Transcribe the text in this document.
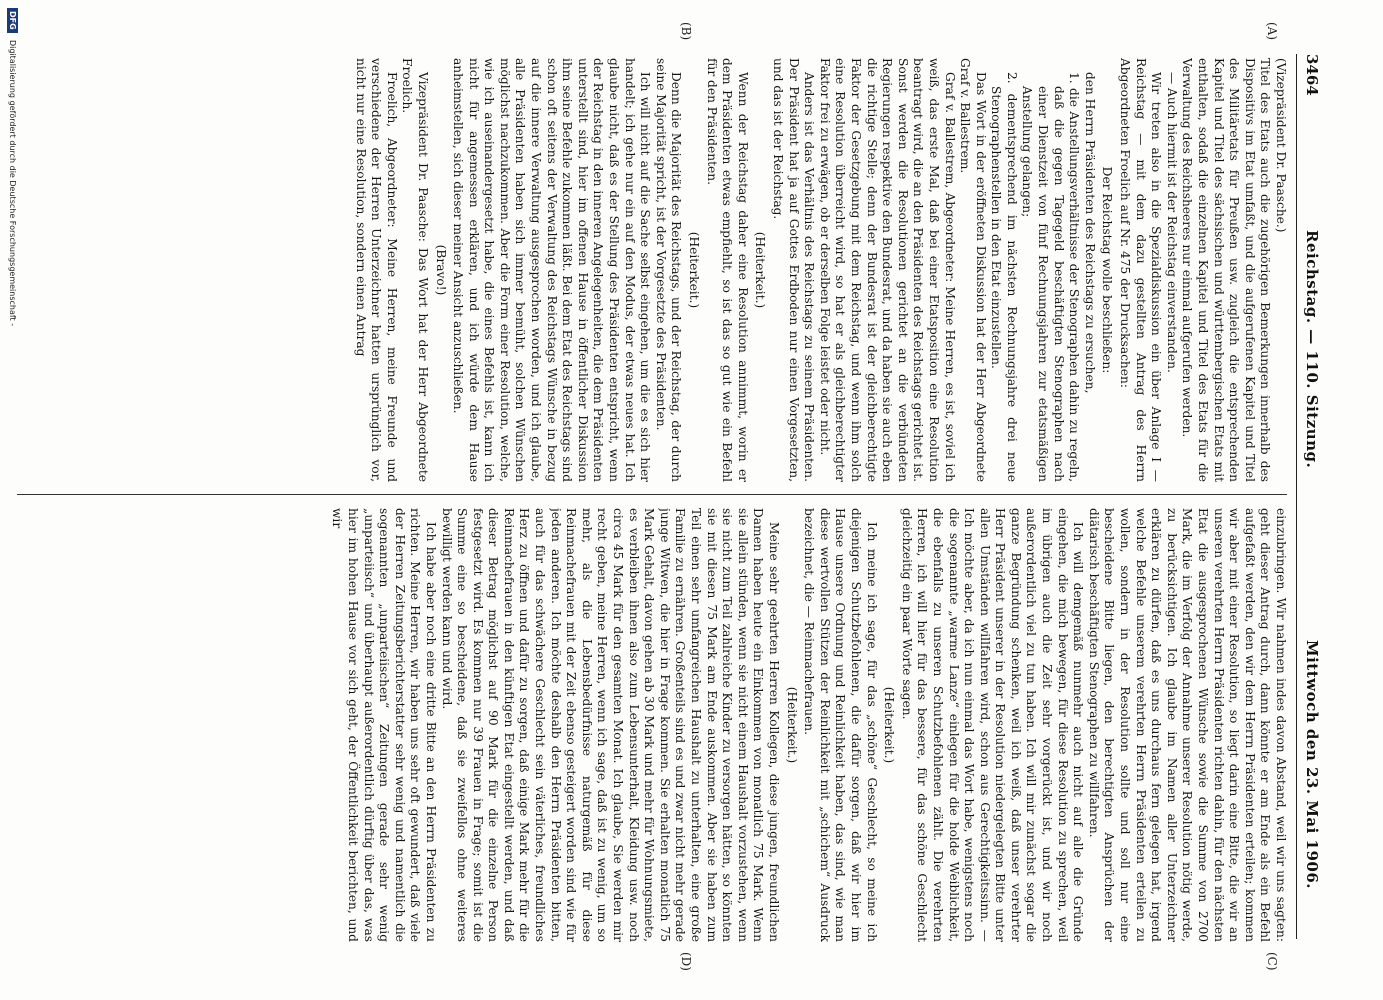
3464
Reichstag. — 110. Sitzung.
Mittwoch den 23. Mai 1906.
(A)
(B)
(C)
(D)

(Vizepräsident Dr. Paasche.)

Titel des Etats auch die zugehörigen Bemerkungen innerhalb des Dispositivs im Etat umfaßt, und die aufgerufenen Kapitel und Titel des Militäretats für Preußen usw. zugleich die entsprechenden Kapitel und Titel des sächsischen und württembergischen Etats mit enthalten, sodaß die einzelnen Kapitel und Titel des Etats für die Verwaltung des Reichsheeres nur einmal aufgerufen werden.

— Auch hiermit ist der Reichstag einverstanden.

Wir treten also in die Spezialdiskussion ein über Anlage I — Reichstag — mit dem dazu gestellten Antrag des Herrn Abgeordneten Froelich auf Nr. 475 der Drucksachen:

Der Reichstag wolle beschließen:

den Herrn Präsidenten des Reichstags zu ersuchen,

1. die Anstellungsverhältnisse der Stenographen dahin zu regeln, daß die gegen Tagegeld beschäftigten Stenographen nach einer Dienstzeit von fünf Rechnungsjahren zur etatsmäßigen Anstellung gelangen;

2. dementsprechend im nächsten Rechnungsjahre drei neue Stenographenstellen in den Etat einzustellen.

Das Wort in der eröffneten Diskussion hat der Herr Abgeordnete Graf v. Ballestrem.

Graf v. Ballestrem, Abgeordneter: Meine Herren, es ist, soviel ich weiß, das erste Mal, daß bei einer Etatsposition eine Resolution beantragt wird, die an den Präsidenten des Reichstags gerichtet ist. Sonst werden die Resolutionen gerichtet an die verbündeten Regierungen respektive den Bundesrat, und da haben sie auch eben die richtige Stelle; denn der Bundesrat ist der gleichberechtigte Faktor der Gesetzgebung mit dem Reichstag, und wenn ihm solch eine Resolution überreicht wird, so hat er als gleichberechtigter Faktor frei zu erwägen, ob er derselben Folge leistet oder nicht.

Anders ist das Verhältnis des Reichstags zu seinem Präsidenten. Der Präsident hat ja auf Gottes Erdboden nur einen Vorgesetzten, und das ist der Reichstag.

(Heiterkeit.)

Wenn der Reichstag daher eine Resolution annimmt, worin er dem Präsidenten etwas empfiehlt, so ist das so gut wie ein Befehl für den Präsidenten.

(Heiterkeit.)

Denn die Majorität des Reichstags, und der Reichstag, der durch seine Majorität spricht, ist der Vorgesetzte des Präsidenten.

Ich will nicht auf die Sache selbst eingehen, um die es sich hier handelt; ich gehe nur ein auf den Modus, der etwas neues hat. Ich glaube nicht, daß es der Stellung des Präsidenten entspricht, wenn der Reichstag in den inneren Angelegenheiten, die dem Präsidenten unterstellt sind, hier im offenen Hause in öffentlicher Diskussion ihm seine Befehle zukommen läßt. Bei dem Etat des Reichstags sind schon oft seitens der Verwaltung des Reichstags Wünsche in bezug auf die innere Verwaltung ausgesprochen worden, und ich glaube, alle Präsidenten haben sich immer bemüht, solchen Wünschen möglichst nachzukommen. Aber die Form einer Resolution, welche, wie ich auseinandergesetzt habe, die eines Befehls ist, kann ich nicht für angemessen erklären, und ich würde dem Hause anheimstellen, sich dieser meiner Ansicht anzuschließen.

(Bravo!)

Vizepräsident Dr. Paasche: Das Wort hat der Herr Abgeordnete Froelich.

Froelich, Abgeordneter: Meine Herren, meine Freunde und verschiedene der Herren Unterzeichner hatten ursprünglich vor, nicht nur eine Resolution, sondern einen Antrag

einzubringen. Wir nahmen indes davon Abstand, weil wir uns sagten: geht dieser Antrag durch, dann könnte er am Ende als ein Befehl aufgefaßt werden, den wir dem Herrn Präsidenten erteilen; kommen wir aber mit einer Resolution, so liegt darin eine Bitte, die wir an unseren verehrten Herrn Präsidenten richten dahin, für den nächsten Etat die ausgesprochenen Wünsche sowie die Summe von 2700 Mark, die im Verfolg der Annahme unserer Resolution nötig werde, zu berücksichtigen. Ich glaube im Namen aller Unterzeichner erklären zu dürfen, daß es uns durchaus fern gelegen hat, irgend welche Befehle unserem verehrten Herrn Präsidenten erteilen zu wollen, sondern in der Resolution sollte und soll nur eine bescheidene Bitte liegen, den berechtigten Ansprüchen der diätarisch beschäftigten Stenographen zu willfahren.

Ich will demgemäß nunmehr auch nicht auf alle die Gründe eingehen, die mich bewegen, für diese Resolution zu sprechen, weil im übrigen auch die Zeit sehr vorgerückt ist, und wir noch außerordentlich viel zu tun haben. Ich will mir zunächst sogar die ganze Begründung schenken, weil ich weiß, daß unser verehrter Herr Präsident unserer in der Resolution niedergelegten Bitte unter allen Umständen willfahren wird, schon aus Gerechtigkeitssinn. — Ich möchte aber, da ich nun einmal das Wort habe, wenigstens noch die sogenannte „warme Lanze“ einlegen für die holde Weiblichkeit, die ebenfalls zu unseren Schutzbefohlenen zählt. Die verehrten Herren, ich will hier für das bessere, für das schöne Geschlecht gleichzeitig ein paar Worte sagen.

(Heiterkeit.)

Ich meine ich sage, für das „schöne“ Geschlecht, so meine ich diejenigen Schutzbefohlenen, die dafür sorgen, daß wir hier im Hause unsere Ordnung und Reinlichkeit haben, das sind, wie man diese wertvollen Stützen der Reinlichkeit mit „schichem“ Ausdruck bezeichnet, die — Reinmachefrauen.

(Heiterkeit.)

Meine sehr geehrten Herren Kollegen, diese jungen, freundlichen Damen haben heute ein Einkommen von monatlich 75 Mark. Wenn sie allein stünden, wenn sie nicht einem Haushalt vorzustehen, wenn sie nicht zum Teil zahlreiche Kinder zu versorgen hätten, so könnten sie mit diesen 75 Mark am Ende auskommen. Aber sie haben zum Teil einen sehr umfangreichen Haushalt zu unterhalten, eine große Familie zu ernähren. Großenteils sind es und zwar nicht mehr gerade junge Witwen, die hier in Frage kommen. Sie erhalten monatlich 75 Mark Gehalt, davon gehen ab 30 Mark und mehr für Wohnungsmiete, es verbleiben ihnen also zum Lebensunterhalt, Kleidung usw. noch circa 45 Mark für den gesamten Monat. Ich glaube, Sie werden mir recht geben, meine Herren, wenn ich sage, daß ist zu wenig, um so mehr, als die Lebensbedürfnisse naturgemäß für diese Reinmachefrauen mit der Zeit ebenso gesteigert worden sind wie für jeden anderen. Ich möchte deshalb den Herrn Präsidenten bitten, auch für das schwächere Geschlecht sein väterliches, freundliches Herz zu öffnen und dafür zu sorgen, daß einige Mark mehr für die Reinmachefrauen in den künftigen Etat eingestellt werden, und daß dieser Betrag möglichst auf 90 Mark für die einzelne Person festgesetzt wird. Es kommen nur 39 Frauen in Frage; somit ist die Summe eine so bescheidene, daß sie zweifellos ohne weiteres bewilligt werden kann und wird.

Ich habe aber noch eine dritte Bitte an den Herrn Präsidenten zu richten. Meine Herren, wir haben uns sehr oft gewundert, daß viele der Herren Zeitungsberichterstatter sehr wenig und namentlich die sogenannten „unparteiischen“ Zeitungen gerade sehr wenig „unparteiisch“ und überhaupt außerordentlich dürftig über das, was hier im hohen Hause vor sich geht, der Öffentlichkeit berichten, und wir

Digitalisierung gefördert durch die Deutsche Forschungsgemeinschaft -
DFG
